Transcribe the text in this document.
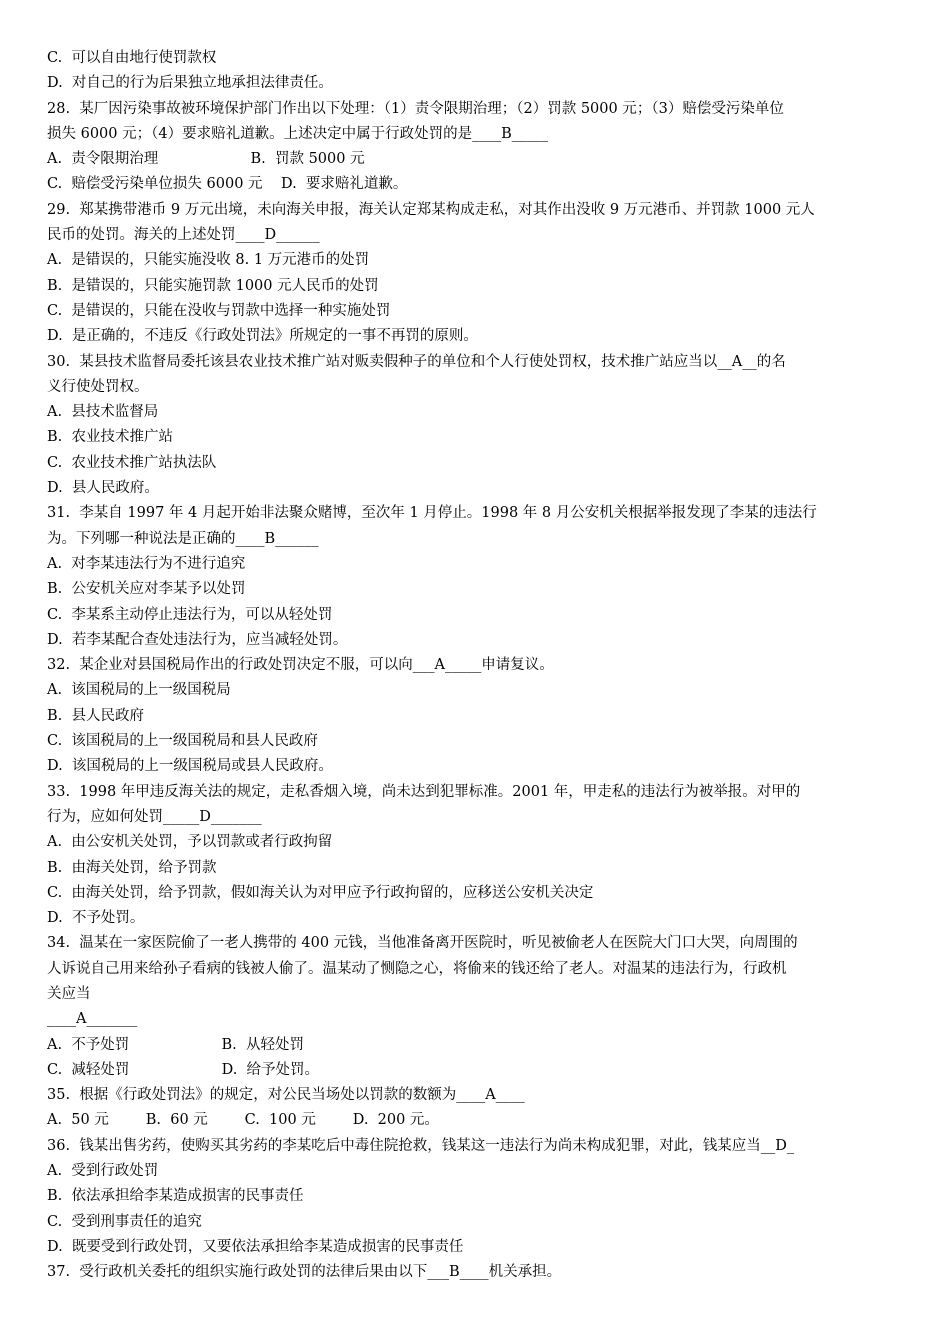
C.  可以自由地行使罚款权
D.  对自己的行为后果独立地承担法律责任。
28.  某厂因污染事故被环境保护部门作出以下处理：（1）责令限期治理；（2）罚款 5000 元；（3）赔偿受污染单位
损失 6000 元；（4）要求赔礼道歉。上述决定中属于行政处罚的是____B_____
A.  责令限期治理                    B.  罚款 5000 元
C.  赔偿受污染单位损失 6000 元    D.  要求赔礼道歉。
29.  郑某携带港币 9 万元出境，未向海关申报，海关认定郑某构成走私，对其作出没收 9 万元港币、并罚款 1000 元人
民币的处罚。海关的上述处罚____D______
A.  是错误的，只能实施没收 8. 1 万元港币的处罚
B.  是错误的，只能实施罚款 1000 元人民币的处罚
C.  是错误的，只能在没收与罚款中选择一种实施处罚
D.  是正确的，不违反《行政处罚法》所规定的一事不再罚的原则。
30.  某县技术监督局委托该县农业技术推广站对贩卖假种子的单位和个人行使处罚权，技术推广站应当以__A__的名
义行使处罚权。
A.  县技术监督局
B.  农业技术推广站
C.  农业技术推广站执法队
D.  县人民政府。
31.  李某自 1997 年 4 月起开始非法聚众赌博，至次年 1 月停止。1998 年 8 月公安机关根据举报发现了李某的违法行
为。下列哪一种说法是正确的____B______
A.  对李某违法行为不进行追究
B.  公安机关应对李某予以处罚
C.  李某系主动停止违法行为，可以从轻处罚
D.  若李某配合查处违法行为，应当减轻处罚。
32.  某企业对县国税局作出的行政处罚决定不服，可以向___A_____申请复议。
A.  该国税局的上一级国税局
B.  县人民政府
C.  该国税局的上一级国税局和县人民政府
D.  该国税局的上一级国税局或县人民政府。
33.  1998 年甲违反海关法的规定，走私香烟入境，尚未达到犯罪标准。2001 年，甲走私的违法行为被举报。对甲的
行为，应如何处罚_____D_______
A.  由公安机关处罚，予以罚款或者行政拘留
B.  由海关处罚，给予罚款
C.  由海关处罚，给予罚款，假如海关认为对甲应予行政拘留的，应移送公安机关决定
D.  不予处罚。
34.  温某在一家医院偷了一老人携带的 400 元钱，当他准备离开医院时，听见被偷老人在医院大门口大哭，向周围的
人诉说自己用来给孙子看病的钱被人偷了。温某动了恻隐之心，将偷来的钱还给了老人。对温某的违法行为，行政机
关应当
____A_______
A.  不予处罚                    B.  从轻处罚
C.  减轻处罚                    D.  给予处罚。
35.  根据《行政处罚法》的规定，对公民当场处以罚款的数额为____A____
A.  50 元        B.  60 元        C.  100 元        D.  200 元。
36.  钱某出售劣药，使购买其劣药的李某吃后中毒住院抢救，钱某这一违法行为尚未构成犯罪，对此，钱某应当__D_
A.  受到行政处罚
B.  依法承担给李某造成损害的民事责任
C.  受到刑事责任的追究
D.  既要受到行政处罚，又要依法承担给李某造成损害的民事责任
37.  受行政机关委托的组织实施行政处罚的法律后果由以下___B____机关承担。
